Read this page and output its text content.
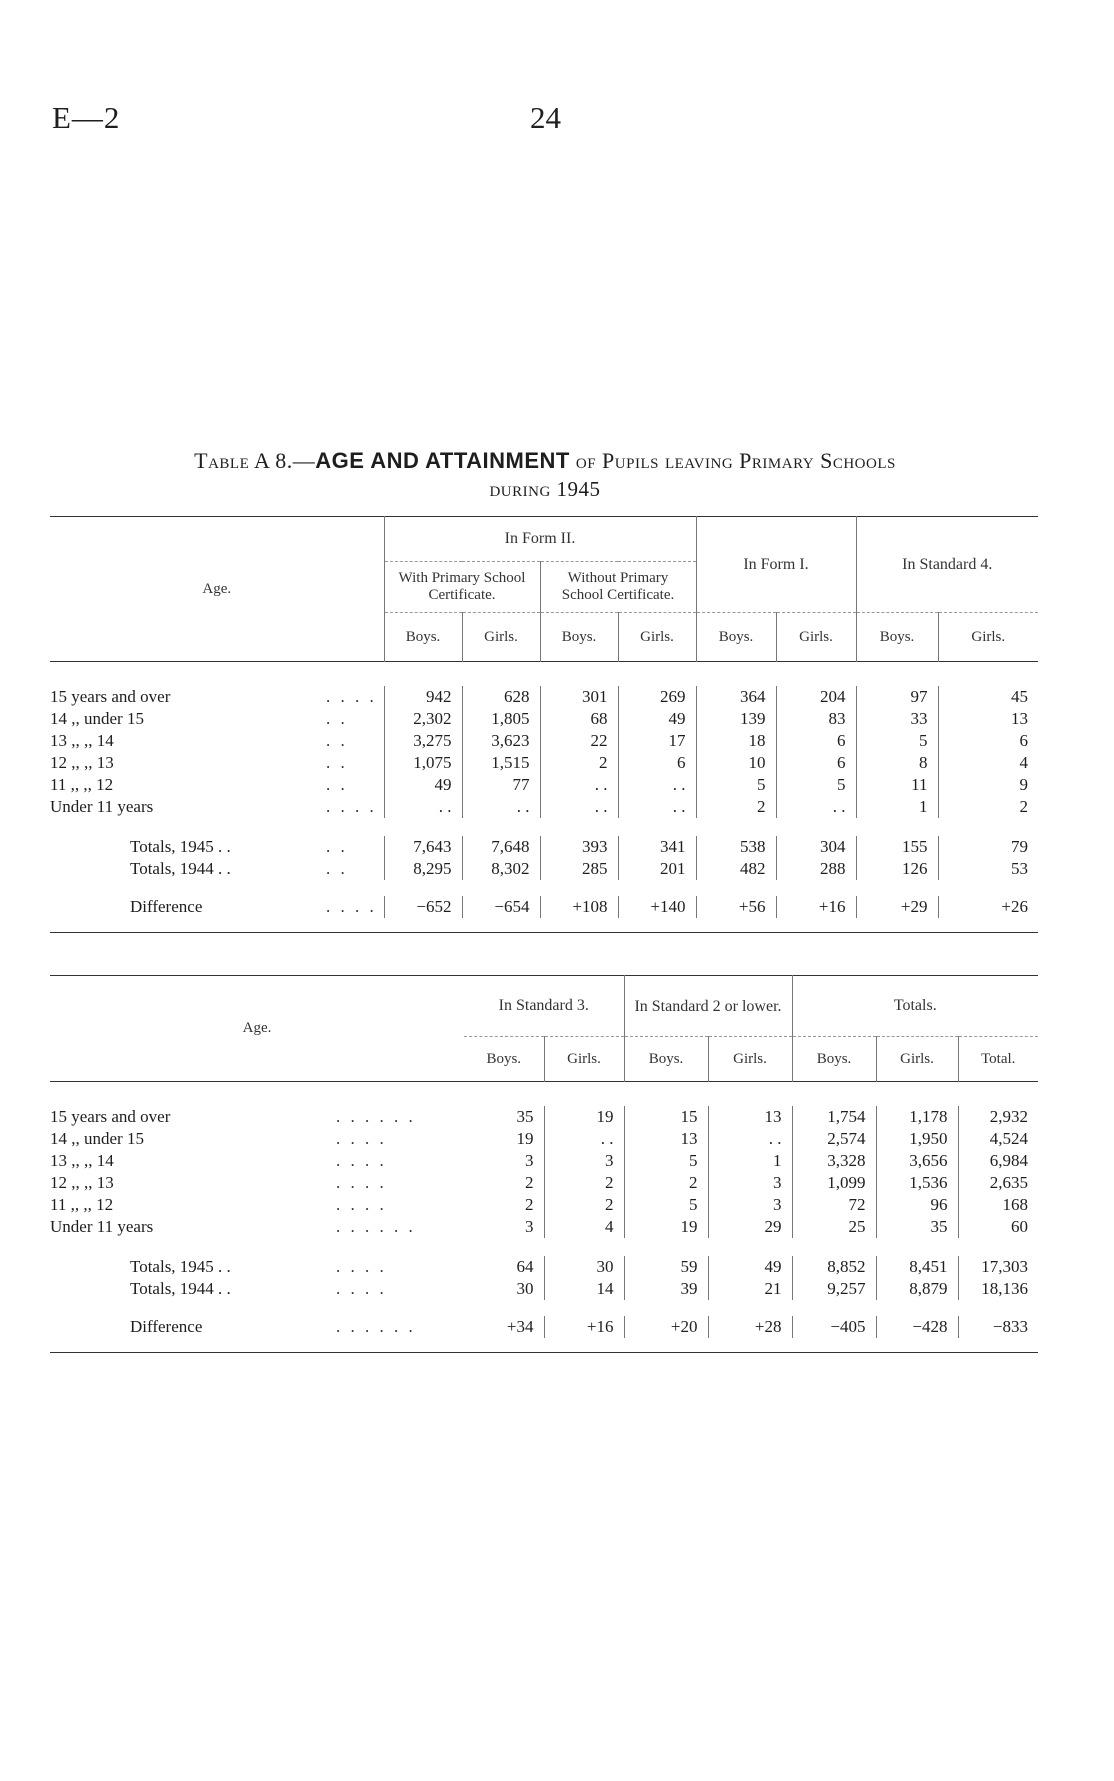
E—2	24
Table A 8.—AGE AND ATTAINMENT of Pupils leaving Primary Schools
during 1945
Age.		In Form II.				In Form I.		In Standard 4.	
		With Primary School Certificate.		Without Primary School Certificate.					
		Boys.	Girls.	Boys.	Girls.	Boys.	Girls.	Boys.	Girls.

15 years and over	. . . .	942	628	301	269	364	204	97	45
14 ,, under 15	. .	2,302	1,805	68	49	139	83	33	13
13 ,, ,, 14	. .	3,275	3,623	22	17	18	6	5	6
12 ,, ,, 13	. .	1,075	1,515	2	6	10	6	8	4
11 ,, ,, 12	. .	49	77	. .	. .	5	5	11	9
Under 11 years	. . . .	. .	. .	. .	. .	2	. .	1	2

Totals, 1945 . .	. .	7,643	7,648	393	341	538	304	155	79
Totals, 1944 . .	. .	8,295	8,302	285	201	482	288	126	53

Difference	. . . .	−652	−654	+108	+140	+56	+16	+29	+26

Age.		In Standard 3.		In Standard 2 or lower.		Totals.		
		Boys.	Girls.	Boys.	Girls.	Boys.	Girls.	Total.

15 years and over	. . . . . .	35	19	15	13	1,754	1,178	2,932
14 ,, under 15	. . . .	19	. .	13	. .	2,574	1,950	4,524
13 ,, ,, 14	. . . .	3	3	5	1	3,328	3,656	6,984
12 ,, ,, 13	. . . .	2	2	2	3	1,099	1,536	2,635
11 ,, ,, 12	. . . .	2	2	5	3	72	96	168
Under 11 years	. . . . . .	3	4	19	29	25	35	60

Totals, 1945 . .	. . . .	64	30	59	49	8,852	8,451	17,303
Totals, 1944 . .	. . . .	30	14	39	21	9,257	8,879	18,136

Difference	. . . . . .	+34	+16	+20	+28	−405	−428	−833
